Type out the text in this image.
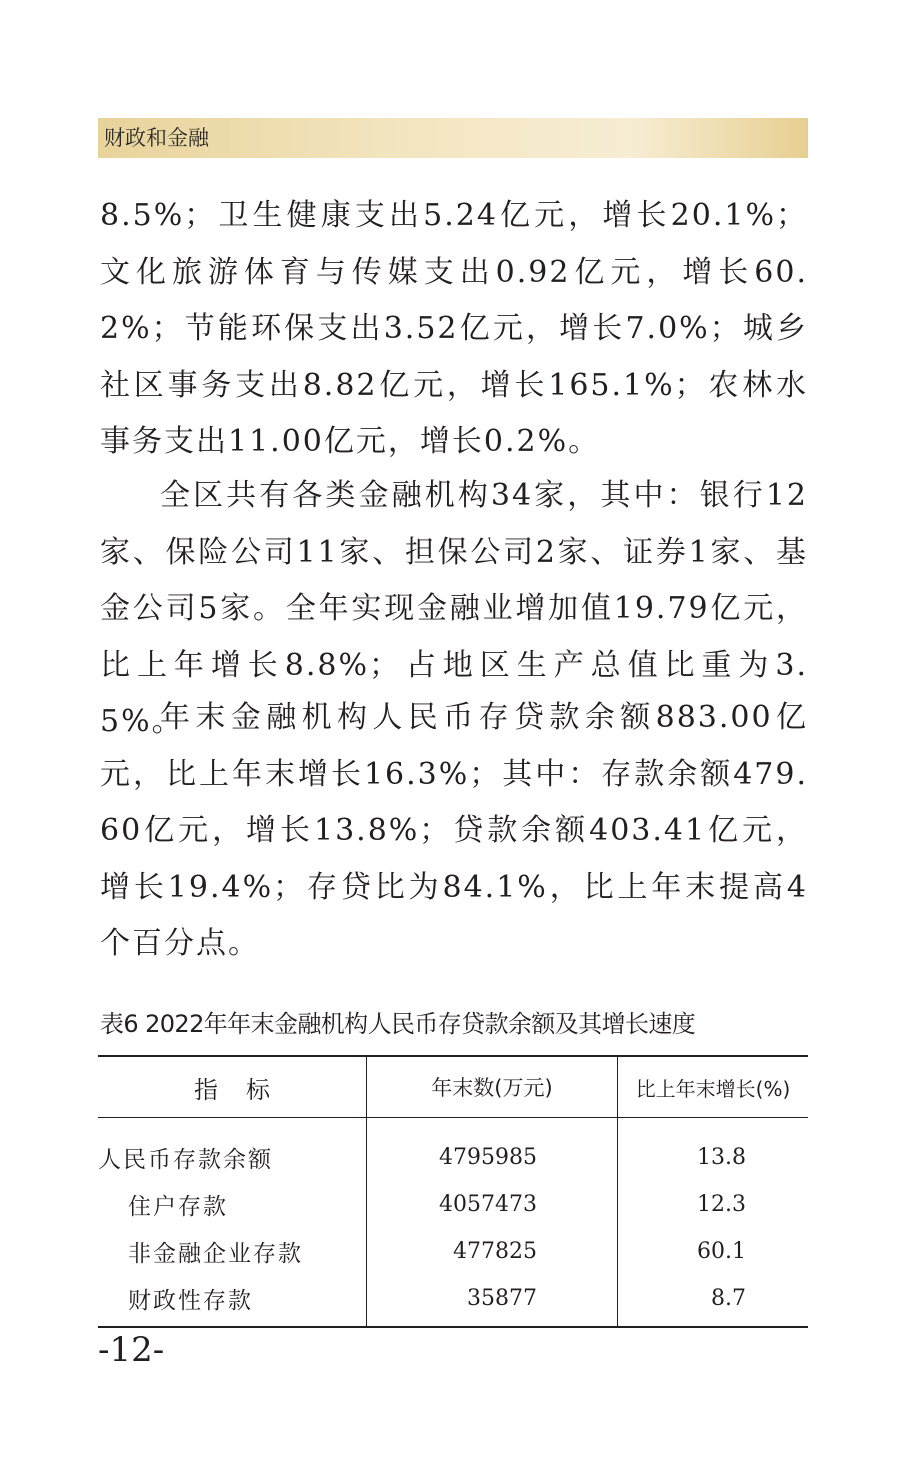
财政和金融

8.5%；卫生健康支出5.24亿元，增长20.1%；文化旅游体育与传媒支出0.92亿元，增长60.2%；节能环保支出3.52亿元，增长7.0%；城乡社区事务支出8.82亿元，增长165.1%；农林水事务支出11.00亿元，增长0.2%。

全区共有各类金融机构34家，其中：银行12家、保险公司11家、担保公司2家、证券1家、基金公司5家。全年实现金融业增加值19.79亿元，比上年增长8.8%；占地区生产总值比重为3.5%。

年末金融机构人民币存贷款余额883.00亿元，比上年末增长16.3%；其中：存款余额479.60亿元，增长13.8%；贷款余额403.41亿元，增长19.4%；存贷比为84.1%，比上年末提高4个百分点。

表6 2022年年末金融机构人民币存贷款余额及其增长速度
指标	年末数(万元)	比上年末增长(%)
人民币存款余额	4795985	13.8
住户存款	4057473	12.3
非金融企业存款	477825	60.1
财政性存款	35877	8.7
-12-
